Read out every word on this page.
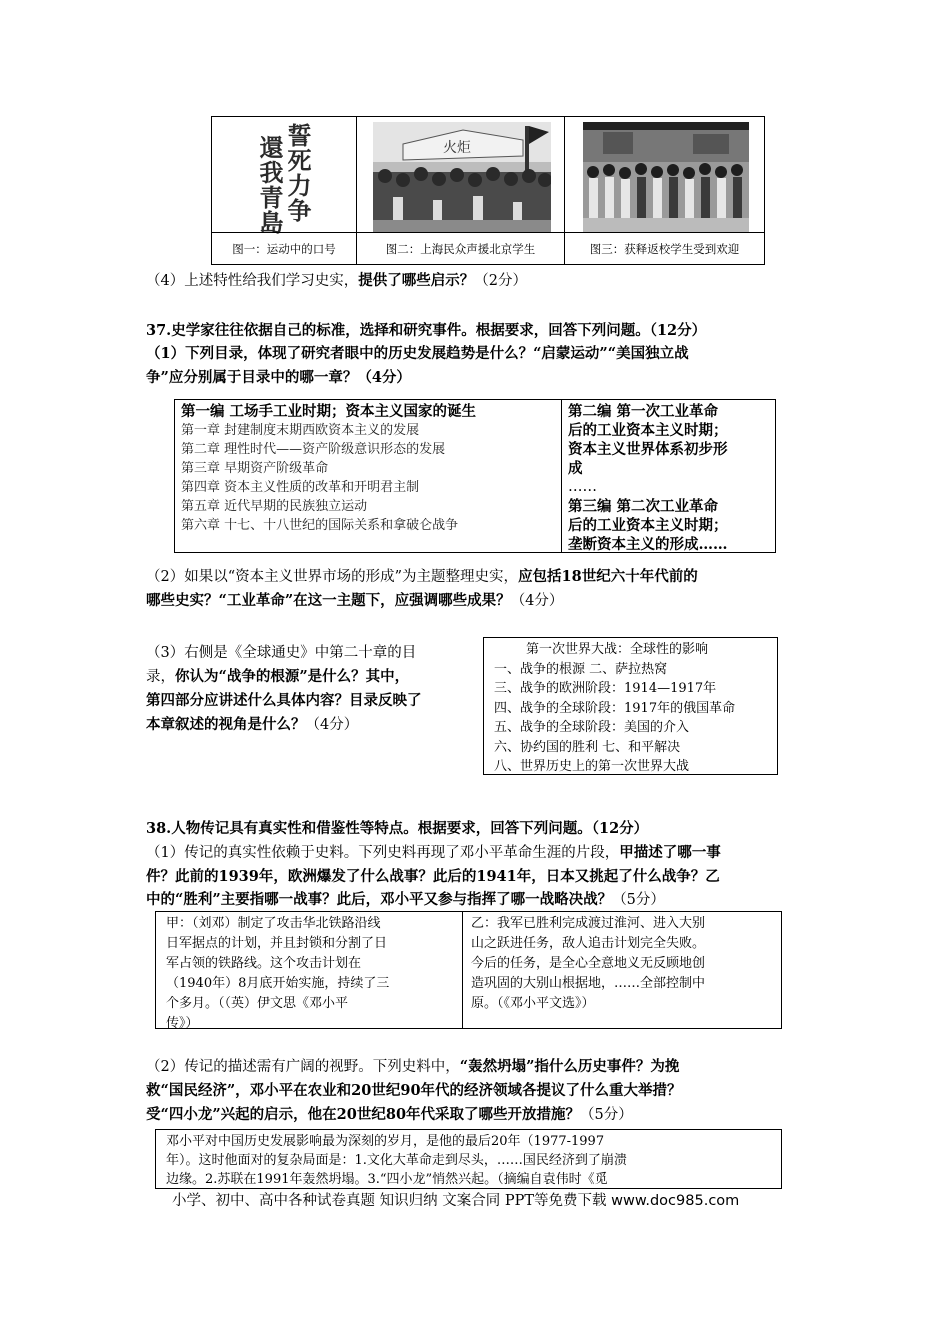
誓死力争
還我青島
图一：运动中的口号
火炬
图二：上海民众声援北京学生	图三：获释返校学生受到欢迎
（4）上述特性给我们学习史实，提供了哪些启示？（2分）
37.史学家往往依据自己的标准，选择和研究事件。根据要求，回答下列问题。（12分）
（1）下列目录，体现了研究者眼中的历史发展趋势是什么？“启蒙运动”“美国独立战
争”应分别属于目录中的哪一章？（4分）
第一编 工场手工业时期；资本主义国家的诞生
第一章 封建制度末期西欧资本主义的发展
第二章 理性时代——资产阶级意识形态的发展
第三章 早期资产阶级革命
第四章 资本主义性质的改革和开明君主制
第五章 近代早期的民族独立运动
第六章 十七、十八世纪的国际关系和拿破仑战争
第二编 第一次工业革命
后的工业资本主义时期；
资本主义世界体系初步形
成
……
第三编 第二次工业革命
后的工业资本主义时期；
垄断资本主义的形成……
（2）如果以“资本主义世界市场的形成”为主题整理史实，应包括18世纪六十年代前的
哪些史实？“工业革命”在这一主题下，应强调哪些成果？（4分）
（3）右侧是《全球通史》中第二十章的目
录，你认为“战争的根源”是什么？其中，
第四部分应讲述什么具体内容？目录反映了
本章叙述的视角是什么？（4分）
第一次世界大战：全球性的影响
一、战争的根源 二、萨拉热窝
三、战争的欧洲阶段：1914—1917年
四、战争的全球阶段：1917年的俄国革命
五、战争的全球阶段：美国的介入
六、协约国的胜利 七、和平解决
八、世界历史上的第一次世界大战
38.人物传记具有真实性和借鉴性等特点。根据要求，回答下列问题。（12分）
（1）传记的真实性依赖于史料。下列史料再现了邓小平革命生涯的片段，甲描述了哪一事
件？此前的1939年，欧洲爆发了什么战事？此后的1941年，日本又挑起了什么战争？乙
中的“胜利”主要指哪一战事？此后，邓小平又参与指挥了哪一战略决战？（5分）
甲：（刘邓）制定了攻击华北铁路沿线
日军据点的计划，并且封锁和分割了日
军占领的铁路线。这个攻击计划在
（1940年）8月底开始实施，持续了三
个多月。（（英）伊文思《邓小平
传》）
乙：我军已胜利完成渡过淮河、进入大别
山之跃进任务，敌人追击计划完全失败。
今后的任务，是全心全意地义无反顾地创
造巩固的大别山根据地，……全部控制中
原。（《邓小平文选》）
（2）传记的描述需有广阔的视野。下列史料中，“轰然坍塌”指什么历史事件？为挽
救“国民经济”，邓小平在农业和20世纪90年代的经济领域各提议了什么重大举措？
受“四小龙”兴起的启示，他在20世纪80年代采取了哪些开放措施？（5分）
邓小平对中国历史发展影响最为深刻的岁月，是他的最后20年（1977-1997
年）。这时他面对的复杂局面是：1.文化大革命走到尽头，……国民经济到了崩溃
边缘。2.苏联在1991年轰然坍塌。3.“四小龙”悄然兴起。（摘编自袁伟时《觅
小学、初中、高中各种试卷真题 知识归纳 文案合同 PPT等免费下载 www.doc985.com
